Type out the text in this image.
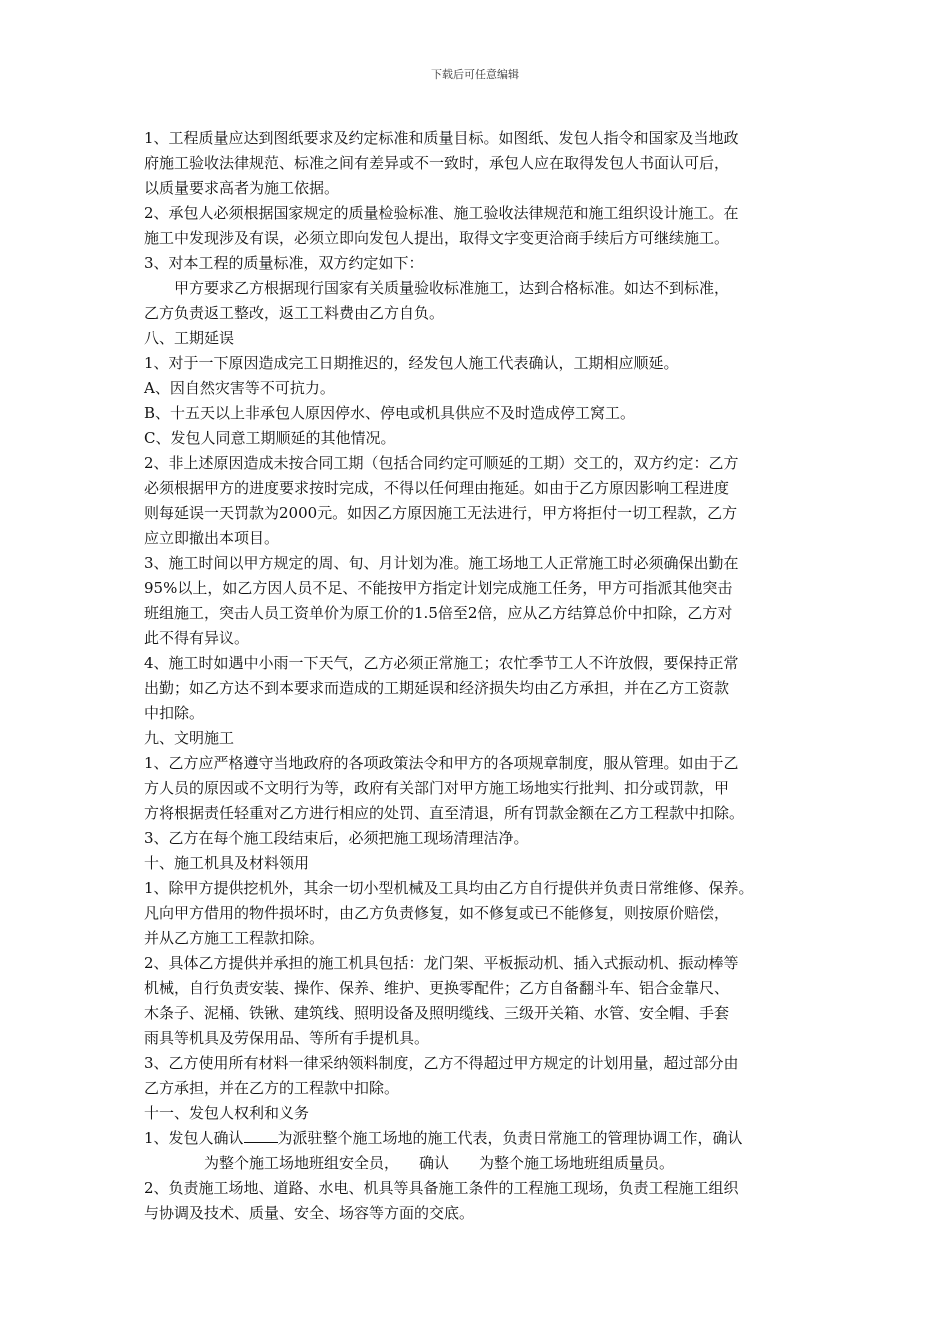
下载后可任意编辑

1、工程质量应达到图纸要求及约定标准和质量目标。如图纸、发包人指令和国家及当地政

府施工验收法律规范、标准之间有差异或不一致时，承包人应在取得发包人书面认可后，

以质量要求高者为施工依据。

2、承包人必须根据国家规定的质量检验标准、施工验收法律规范和施工组织设计施工。在

施工中发现涉及有误，必须立即向发包人提出，取得文字变更洽商手续后方可继续施工。

3、对本工程的质量标准，双方约定如下：

甲方要求乙方根据现行国家有关质量验收标准施工，达到合格标准。如达不到标准，

乙方负责返工整改，返工工料费由乙方自负。

八、工期延误

1、对于一下原因造成完工日期推迟的，经发包人施工代表确认，工期相应顺延。

A、因自然灾害等不可抗力。

B、十五天以上非承包人原因停水、停电或机具供应不及时造成停工窝工。

C、发包人同意工期顺延的其他情况。

2、非上述原因造成未按合同工期（包括合同约定可顺延的工期）交工的，双方约定：乙方

必须根据甲方的进度要求按时完成，不得以任何理由拖延。如由于乙方原因影响工程进度

则每延误一天罚款为2000元。如因乙方原因施工无法进行，甲方将拒付一切工程款，乙方

应立即撤出本项目。

3、施工时间以甲方规定的周、旬、月计划为准。施工场地工人正常施工时必须确保出勤在

95%以上，如乙方因人员不足、不能按甲方指定计划完成施工任务，甲方可指派其他突击

班组施工，突击人员工资单价为原工价的1.5倍至2倍，应从乙方结算总价中扣除，乙方对

此不得有异议。

4、施工时如遇中小雨一下天气，乙方必须正常施工；农忙季节工人不许放假，要保持正常

出勤；如乙方达不到本要求而造成的工期延误和经济损失均由乙方承担，并在乙方工资款

中扣除。

九、文明施工

1、乙方应严格遵守当地政府的各项政策法令和甲方的各项规章制度，服从管理。如由于乙

方人员的原因或不文明行为等，政府有关部门对甲方施工场地实行批判、扣分或罚款，甲

方将根据责任轻重对乙方进行相应的处罚、直至清退，所有罚款金额在乙方工程款中扣除。

3、乙方在每个施工段结束后，必须把施工现场清理洁净。

十、施工机具及材料领用

1、除甲方提供挖机外，其余一切小型机械及工具均由乙方自行提供并负责日常维修、保养。

凡向甲方借用的物件损坏时，由乙方负责修复，如不修复或已不能修复，则按原价赔偿，

并从乙方施工工程款扣除。

2、具体乙方提供并承担的施工机具包括：龙门架、平板振动机、插入式振动机、振动棒等

机械，自行负责安装、操作、保养、维护、更换零配件；乙方自备翻斗车、铝合金靠尺、

木条子、泥桶、铁锹、建筑线、照明设备及照明缆线、三级开关箱、水管、安全帽、手套

雨具等机具及劳保用品、等所有手提机具。

3、乙方使用所有材料一律采纳领料制度，乙方不得超过甲方规定的计划用量，超过部分由

乙方承担，并在乙方的工程款中扣除。

十一、发包人权利和义务

1、发包人确认 为派驻整个施工场地的施工代表，负责日常施工的管理协调工作，确认

为整个施工场地班组安全员， 确认 为整个施工场地班组质量员。

2、负责施工场地、道路、水电、机具等具备施工条件的工程施工现场，负责工程施工组织

与协调及技术、质量、安全、场容等方面的交底。
